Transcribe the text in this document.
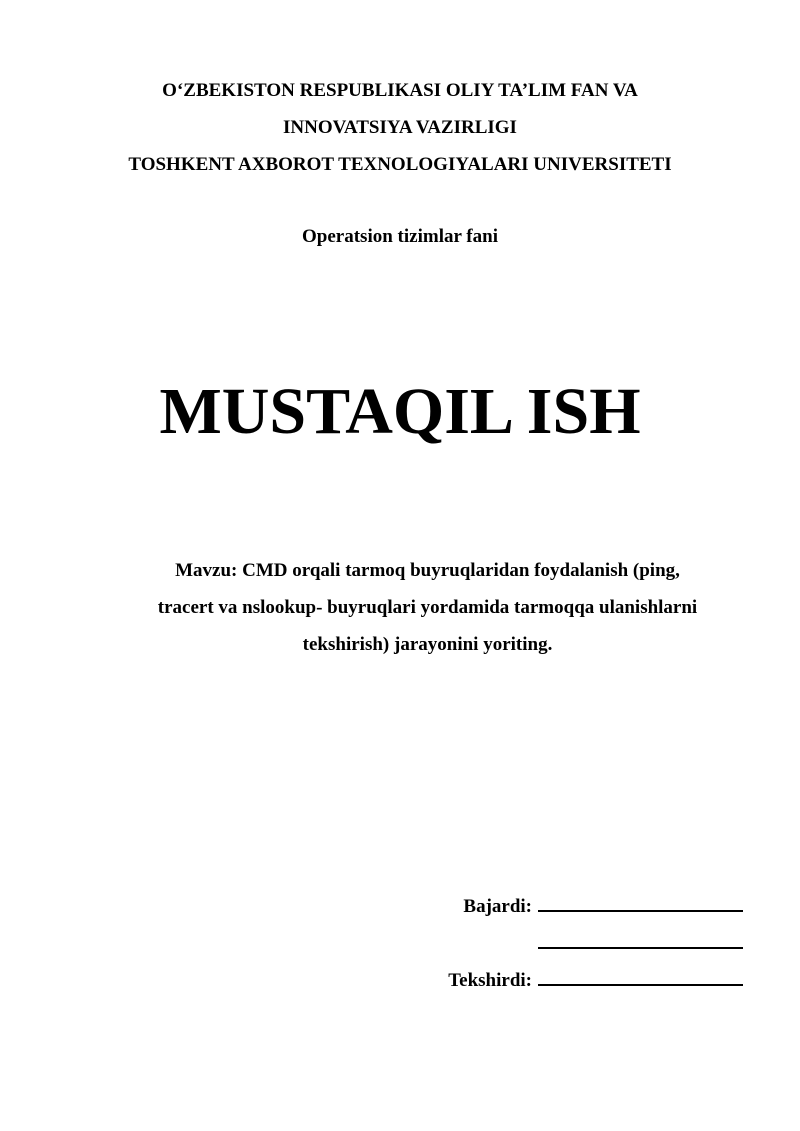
O‘ZBEKISTON RESPUBLIKASI OLIY TA’LIM FAN VA
INNOVATSIYA VAZIRLIGI
TOSHKENT AXBOROT TEXNOLOGIYALARI UNIVERSITETI
Operatsion tizimlar fani
MUSTAQIL ISH
Mavzu: CMD orqali tarmoq buyruqlaridan foydalanish (ping,
tracert va nslookup- buyruqlari yordamida tarmoqqa ulanishlarni
tekshirish) jarayonini yoriting.
Bajardi:
Tekshirdi:
